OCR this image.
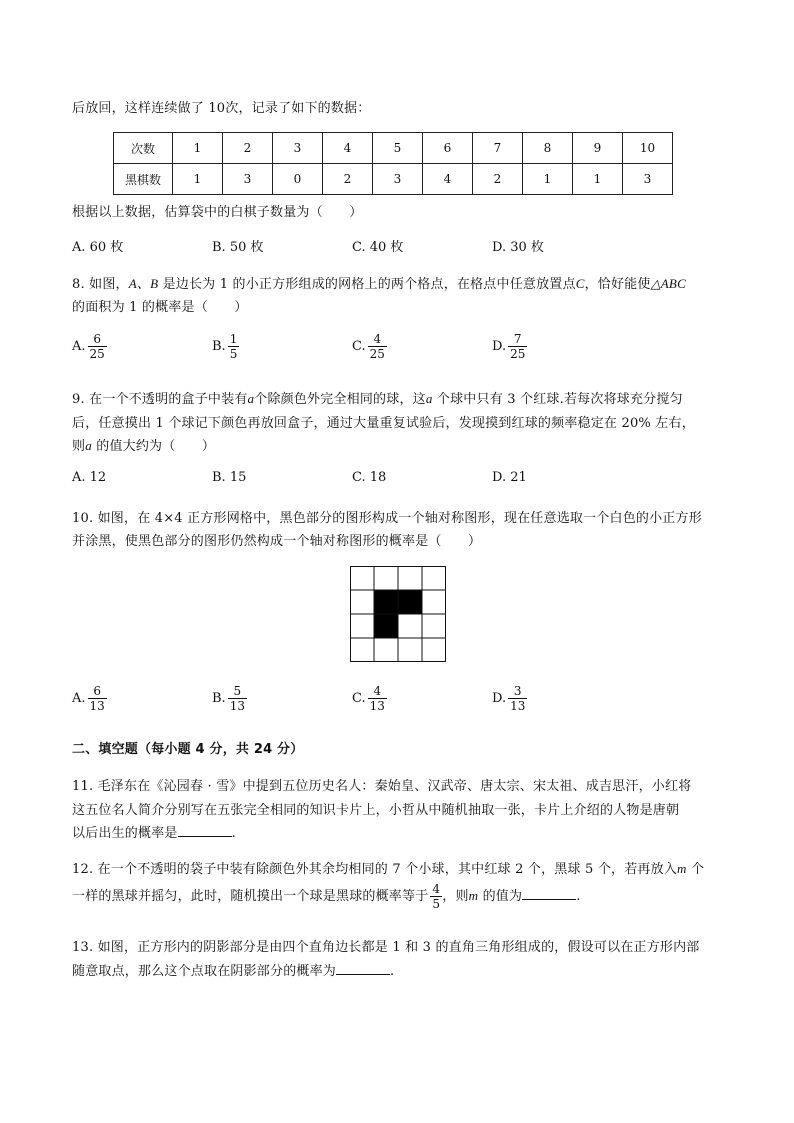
后放回，这样连续做了 10次，记录了如下的数据：
次数	1	2	3	4	5	6	7	8	9	10
黑棋数	1	3	0	2	3	4	2	1	1	3
根据以上数据，估算袋中的白棋子数量为（　　）
A. 60 枚	B. 50 枚	C. 40 枚	D. 30 枚
8. 如图，A、B 是边长为 1 的小正方形组成的网格上的两个格点，在格点中任意放置点C，恰好能使△ABC
的面积为 1 的概率是（　　）
A. $\frac{6}{25}$	B. $\frac{1}{5}$	C. $\frac{4}{25}$	D. $\frac{7}{25}$
9. 在一个不透明的盒子中装有a个除颜色外完全相同的球，这a 个球中只有 3 个红球.若每次将球充分搅匀
后，任意摸出 1 个球记下颜色再放回盒子，通过大量重复试验后，发现摸到红球的频率稳定在 20% 左右，
则a 的值大约为（　　）
A. 12	B. 15	C. 18	D. 21
10. 如图，在 4×4 正方形网格中，黑色部分的图形构成一个轴对称图形，现在任意选取一个白色的小正方形
并涂黑，使黑色部分的图形仍然构成一个轴对称图形的概率是（　　）
A. $\frac{6}{13}$	B. $\frac{5}{13}$	C. $\frac{4}{13}$	D. $\frac{3}{13}$
二、填空题（每小题 4 分，共 24 分）
11. 毛泽东在《沁园春 · 雪》中提到五位历史名人：秦始皇、汉武帝、唐太宗、宋太祖、成吉思汗，小红将
这五位名人简介分别写在五张完全相同的知识卡片上，小哲从中随机抽取一张，卡片上介绍的人物是唐朝
以后出生的概率是	.
12. 在一个不透明的袋子中装有除颜色外其余均相同的 7 个小球，其中红球 2 个，黑球 5 个，若再放入m 个
一样的黑球并摇匀，此时，随机摸出一个球是黑球的概率等于 $\frac{4}{5}$ ，则m 的值为	.
13. 如图，正方形内的阴影部分是由四个直角边长都是 1 和 3 的直角三角形组成的，假设可以在正方形内部
随意取点，那么这个点取在阴影部分的概率为	.
